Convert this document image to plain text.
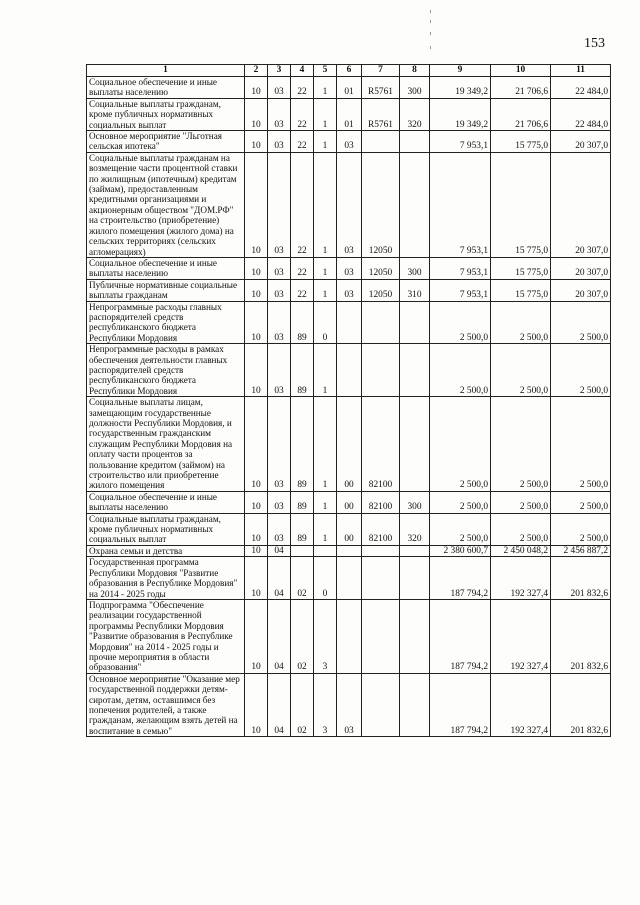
153
1	2	3	4	5	6	7	8	9	10	11
Социальное обеспечение и иные выплаты населению	10	03	22	1	01	R5761	300	19 349,2	21 706,6	22 484,0
Социальные выплаты гражданам, кроме публичных нормативных социальных выплат	10	03	22	1	01	R5761	320	19 349,2	21 706,6	22 484,0
Основное мероприятие "Льготная сельская ипотека"	10	03	22	1	03			7 953,1	15 775,0	20 307,0
Социальные выплаты гражданам на возмещение части процентной ставки по жилищным (ипотечным) кредитам (займам), предоставленным кредитными организациями и акционерным обществом "ДОМ.РФ" на строительство (приобретение) жилого помещения (жилого дома) на сельских территориях (сельских агломерациях)	10	03	22	1	03	12050		7 953,1	15 775,0	20 307,0
Социальное обеспечение и иные выплаты населению	10	03	22	1	03	12050	300	7 953,1	15 775,0	20 307,0
Публичные нормативные социальные выплаты гражданам	10	03	22	1	03	12050	310	7 953,1	15 775,0	20 307,0
Непрограммные расходы главных распорядителей средств республиканского бюджета Республики Мордовия	10	03	89	0				2 500,0	2 500,0	2 500,0
Непрограммные расходы в рамках обеспечения деятельности главных распорядителей средств республиканского бюджета Республики Мордовия	10	03	89	1				2 500,0	2 500,0	2 500,0
Социальные выплаты лицам, замещающим государственные должности Республики Мордовия, и государственным гражданским служащим Республики Мордовия на оплату части процентов за пользование кредитом (займом) на строительство или приобретение жилого помещения	10	03	89	1	00	82100		2 500,0	2 500,0	2 500,0
Социальное обеспечение и иные выплаты населению	10	03	89	1	00	82100	300	2 500,0	2 500,0	2 500,0
Социальные выплаты гражданам, кроме публичных нормативных социальных выплат	10	03	89	1	00	82100	320	2 500,0	2 500,0	2 500,0
Охрана семьи и детства	10	04						2 380 600,7	2 450 048,2	2 456 887,2
Государственная программа Республики Мордовия "Развитие образования в Республике Мордовия" на 2014 - 2025 годы	10	04	02	0				187 794,2	192 327,4	201 832,6
Подпрограмма "Обеспечение реализации государственной программы Республики Мордовия "Развитие образования в Республике Мордовия" на 2014 - 2025 годы и прочие мероприятия в области образования"	10	04	02	3				187 794,2	192 327,4	201 832,6
Основное мероприятие "Оказание мер государственной поддержки детям-сиротам, детям, оставшимся без попечения родителей, а также гражданам, желающим взять детей на воспитание в семью"	10	04	02	3	03			187 794,2	192 327,4	201 832,6
